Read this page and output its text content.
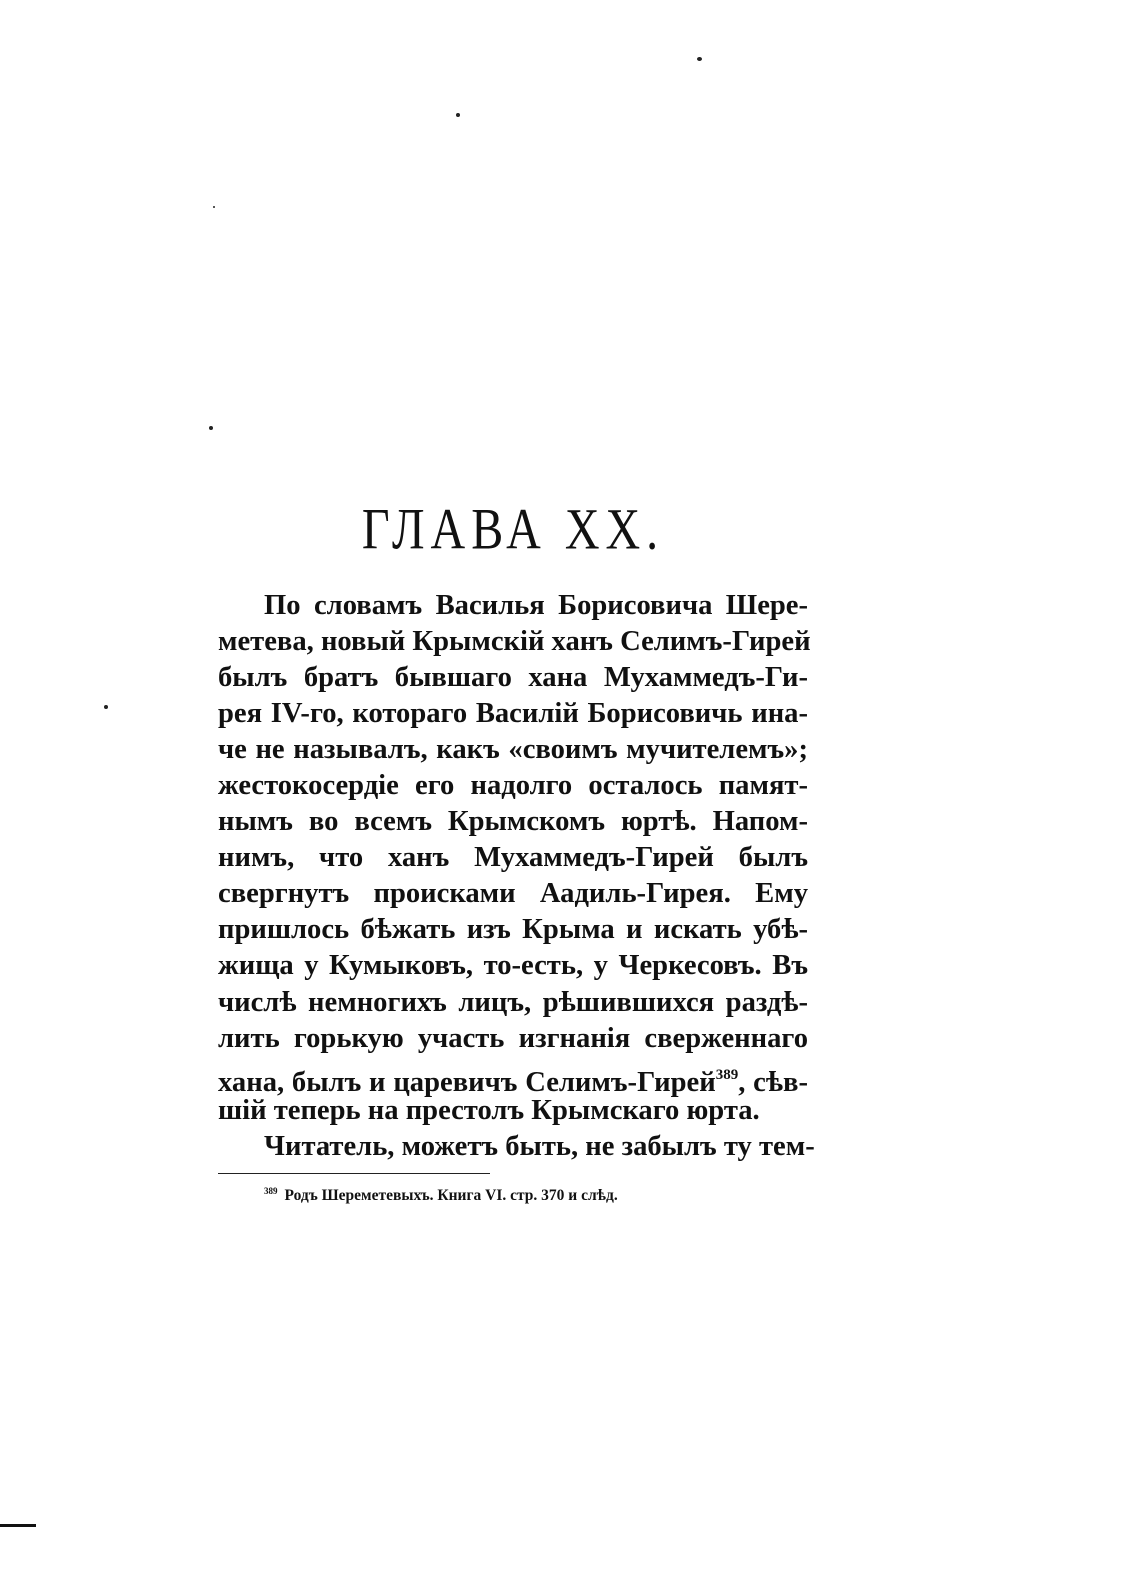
ГЛАВА XX.
По словамъ Василья Борисовича Шере-
метева, новый Крымскiй ханъ Селимъ-Гирей
былъ братъ бывшаго хана Мухаммедъ-Ги-
рея IV-го, котораго Василiй Борисовичь ина-
че не называлъ, какъ «своимъ мучителемъ»;
жестокосердiе его надолго осталось памят-
нымъ во всемъ Крымскомъ юртѣ. Напом-
нимъ, что ханъ Мухаммедъ-Гирей былъ
свергнутъ происками Аадиль-Гирея. Ему
пришлось бѣжать изъ Крыма и искать убѣ-
жища у Кумыковъ, то-есть, у Черкесовъ. Въ
числѣ немногихъ лицъ, рѣшившихся раздѣ-
лить горькую участь изгнанiя сверженнаго
хана, былъ и царевичъ Селимъ-Гирей$^{389}$, сѣв-
шiй теперь на престолъ Крымскаго юрта.
Читатель, можетъ быть, не забылъ ту тем-
$^{389}$ Родъ Шереметевыхъ. Книга VI. стр. 370 и слѣд.
